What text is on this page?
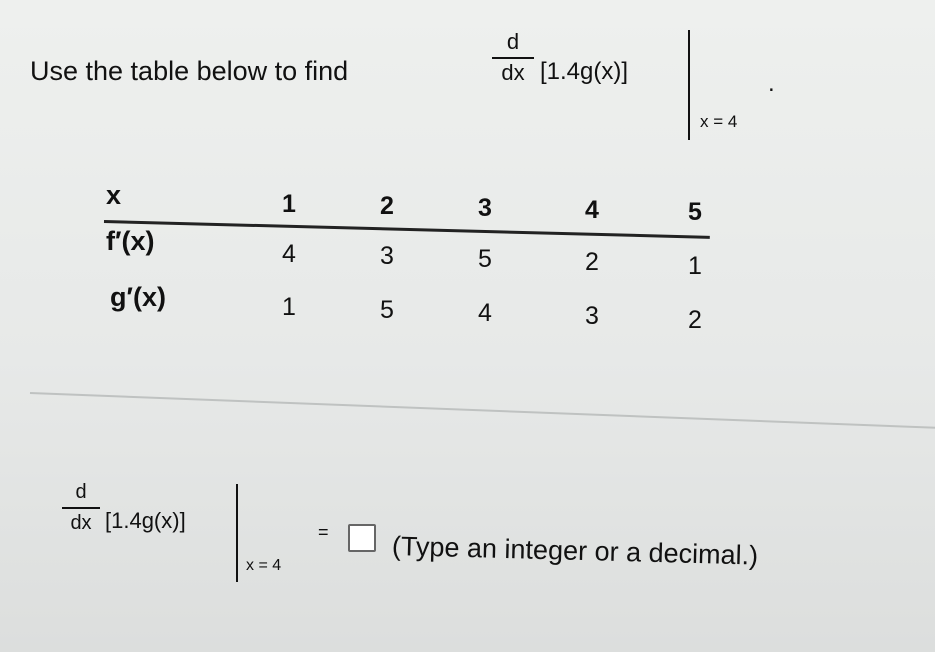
Use the table below to find
d
dx [1.4g(x)]
x = 4
.
x	1	2	3	4	5
f′(x)	4	3	5	2	1
g′(x)	1	5	4	3	2
d
dx [1.4g(x)]
x = 4
= (Type an integer or a decimal.)
